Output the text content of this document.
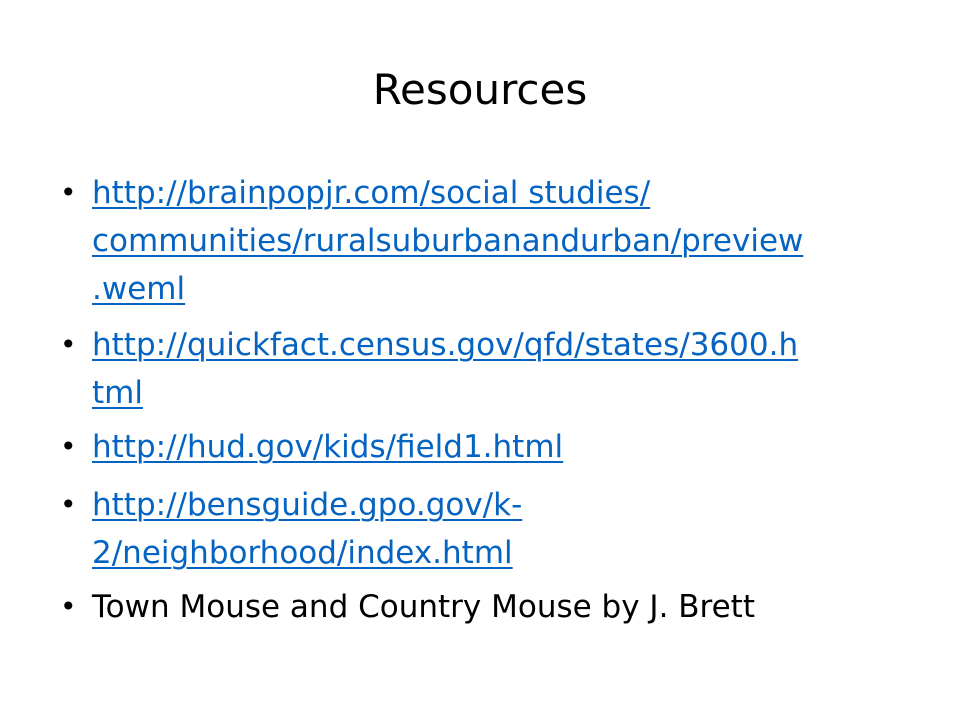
Resources
• http://brainpopjr.com/social studies/
communities/ruralsuburbanandurban/preview
.weml
• http://quickfact.census.gov/qfd/states/3600.h
tml
• http://hud.gov/kids/field1.html
• http://bensguide.gpo.gov/k-
2/neighborhood/index.html
• Town Mouse and Country Mouse by J. Brett
